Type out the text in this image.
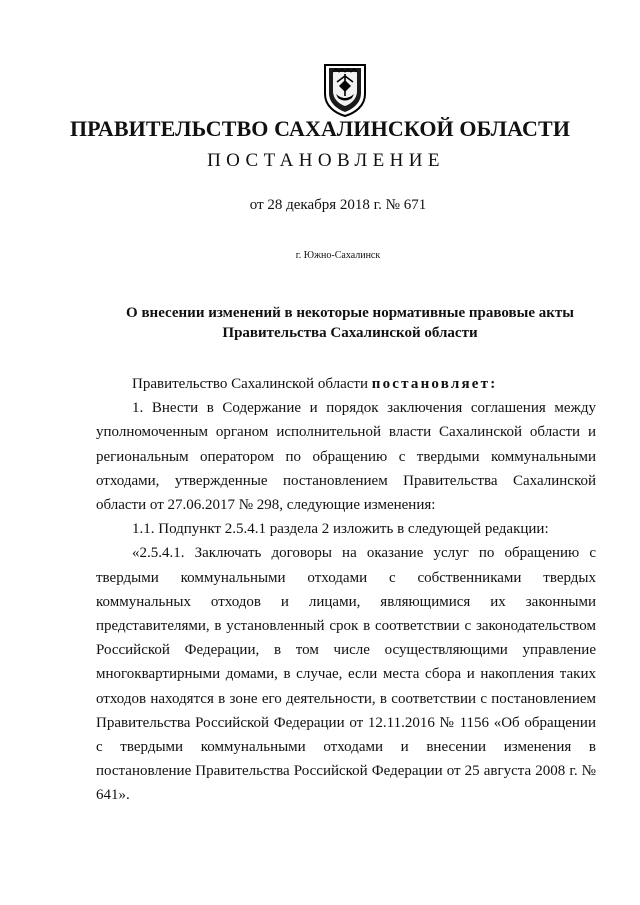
ПРАВИТЕЛЬСТВО САХАЛИНСКОЙ ОБЛАСТИ
ПОСТАНОВЛЕНИЕ
от 28 декабря 2018 г. № 671
г. Южно-Сахалинск
О внесении изменений в некоторые нормативные правовые акты
Правительства Сахалинской области

Правительство Сахалинской области постановляет:

1. Внести в Содержание и порядок заключения соглашения между уполномоченным органом исполнительной власти Сахалинской области и региональным оператором по обращению с твердыми коммунальными отходами, утвержденные постановлением Правительства Сахалинской области от 27.06.2017 № 298, следующие изменения:

1.1. Подпункт 2.5.4.1 раздела 2 изложить в следующей редакции:

«2.5.4.1. Заключать договоры на оказание услуг по обращению с твердыми коммунальными отходами с собственниками твердых коммунальных отходов и лицами, являющимися их законными представителями, в установленный срок в соответствии с законодательством Российской Федерации, в том числе осуществляющими управление многоквартирными домами, в случае, если места сбора и накопления таких отходов находятся в зоне его деятельности, в соответствии с постановлением Правительства Российской Федерации от 12.11.2016 № 1156 «Об обращении с твердыми коммунальными отходами и внесении изменения в постановление Правительства Российской Федерации от 25 августа 2008 г. № 641».
